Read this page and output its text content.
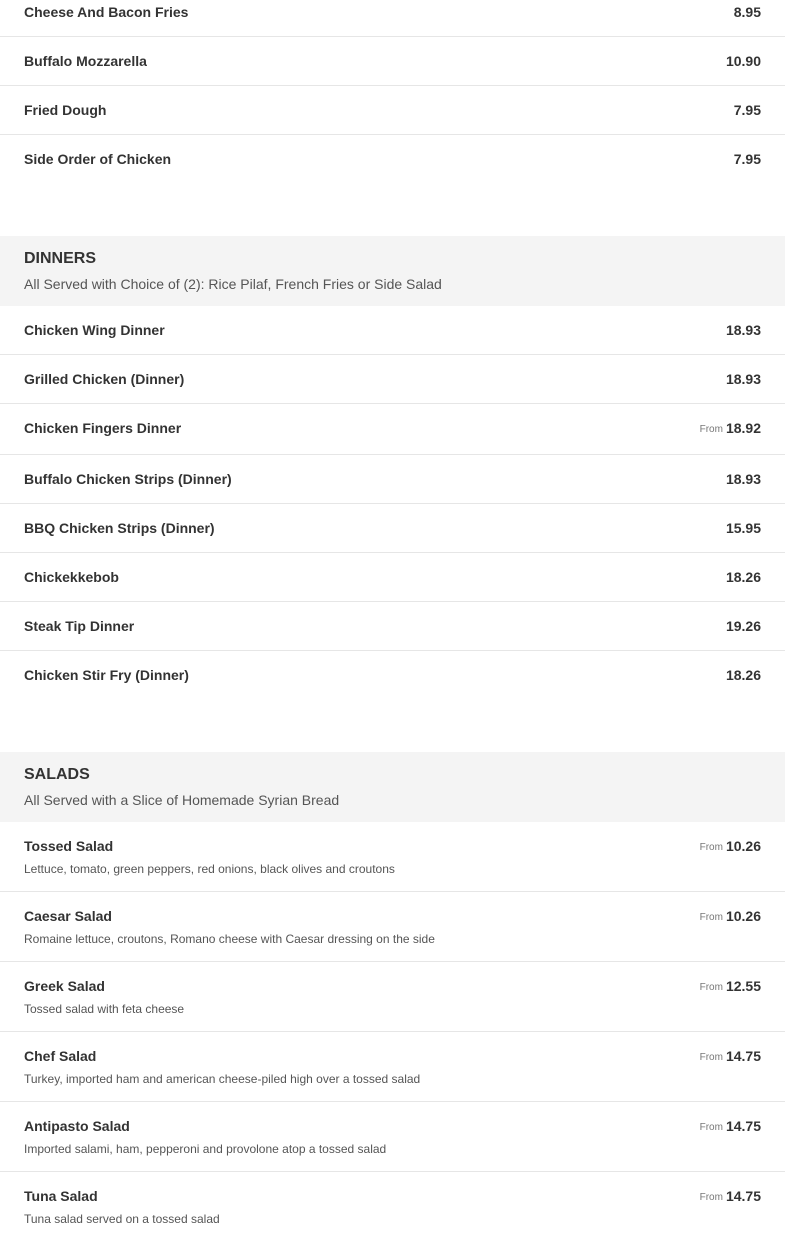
Cheese And Bacon Fries	8.95
Buffalo Mozzarella	10.90
Fried Dough	7.95
Side Order of Chicken	7.95
DINNERS
All Served with Choice of (2): Rice Pilaf, French Fries or Side Salad
Chicken Wing Dinner	18.93
Grilled Chicken (Dinner)	18.93
Chicken Fingers Dinner	From 18.92
Buffalo Chicken Strips (Dinner)	18.93
BBQ Chicken Strips (Dinner)	15.95
Chickekkebob	18.26
Steak Tip Dinner	19.26
Chicken Stir Fry (Dinner)	18.26
SALADS
All Served with a Slice of Homemade Syrian Bread
Tossed Salad	From 10.26
Lettuce, tomato, green peppers, red onions, black olives and croutons
Caesar Salad	From 10.26
Romaine lettuce, croutons, Romano cheese with Caesar dressing on the side
Greek Salad	From 12.55
Tossed salad with feta cheese
Chef Salad	From 14.75
Turkey, imported ham and american cheese-piled high over a tossed salad
Antipasto Salad	From 14.75
Imported salami, ham, pepperoni and provolone atop a tossed salad
Tuna Salad	From 14.75
Tuna salad served on a tossed salad
